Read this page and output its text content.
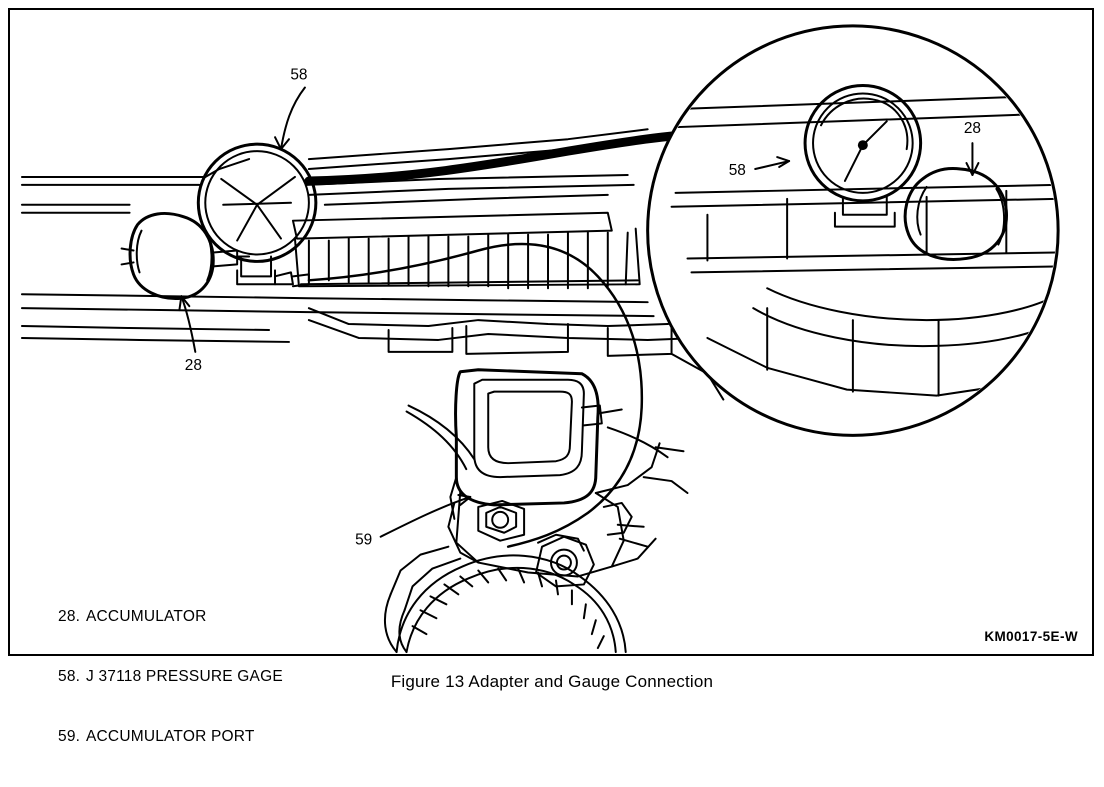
58
28
59
58
28

28. ACCUMULATOR

58. J 37118 PRESSURE GAGE

59. ACCUMULATOR PORT

KM0017-5E-W
Figure 13 Adapter and Gauge Connection
